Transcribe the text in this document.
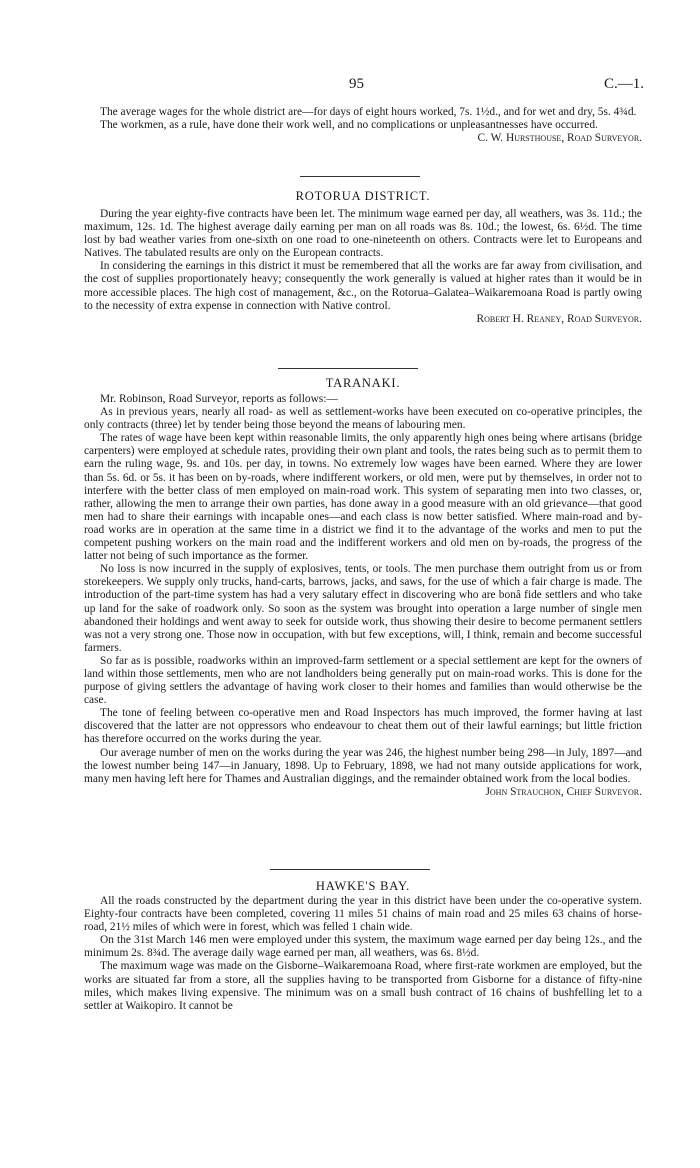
95	C.—1.

The average wages for the whole district are—for days of eight hours worked, 7s. 1½d., and for wet and dry, 5s. 4¾d.

The workmen, as a rule, have done their work well, and no complications or unpleasantnesses have occurred.

C. W. Hursthouse, Road Surveyor.

ROTORUA DISTRICT.

During the year eighty-five contracts have been let. The minimum wage earned per day, all weathers, was 3s. 11d.; the maximum, 12s. 1d. The highest average daily earning per man on all roads was 8s. 10d.; the lowest, 6s. 6½d. The time lost by bad weather varies from one-sixth on one road to one-nineteenth on others. Contracts were let to Europeans and Natives. The tabulated results are only on the European contracts.

In considering the earnings in this district it must be remembered that all the works are far away from civilisation, and the cost of supplies proportionately heavy; consequently the work generally is valued at higher rates than it would be in more accessible places. The high cost of management, &c., on the Rotorua–Galatea–Waikaremoana Road is partly owing to the necessity of extra expense in connection with Native control.

Robert H. Reaney, Road Surveyor.

TARANAKI.

Mr. Robinson, Road Surveyor, reports as follows:—

As in previous years, nearly all road- as well as settlement-works have been executed on co-operative principles, the only contracts (three) let by tender being those beyond the means of labouring men.

The rates of wage have been kept within reasonable limits, the only apparently high ones being where artisans (bridge carpenters) were employed at schedule rates, providing their own plant and tools, the rates being such as to permit them to earn the ruling wage, 9s. and 10s. per day, in towns. No extremely low wages have been earned. Where they are lower than 5s. 6d. or 5s. it has been on by-roads, where indifferent workers, or old men, were put by themselves, in order not to interfere with the better class of men employed on main-road work. This system of separating men into two classes, or, rather, allowing the men to arrange their own parties, has done away in a good measure with an old grievance—that good men had to share their earnings with incapable ones—and each class is now better satisfied. Where main-road and by-road works are in operation at the same time in a district we find it to the advantage of the works and men to put the competent pushing workers on the main road and the indifferent workers and old men on by-roads, the progress of the latter not being of such importance as the former.

No loss is now incurred in the supply of explosives, tents, or tools. The men purchase them outright from us or from storekeepers. We supply only trucks, hand-carts, barrows, jacks, and saws, for the use of which a fair charge is made. The introduction of the part-time system has had a very salutary effect in discovering who are bonâ fide settlers and who take up land for the sake of roadwork only. So soon as the system was brought into operation a large number of single men abandoned their holdings and went away to seek for outside work, thus showing their desire to become permanent settlers was not a very strong one. Those now in occupation, with but few exceptions, will, I think, remain and become successful farmers.

So far as is possible, roadworks within an improved-farm settlement or a special settlement are kept for the owners of land within those settlements, men who are not landholders being generally put on main-road works. This is done for the purpose of giving settlers the advantage of having work closer to their homes and families than would otherwise be the case.

The tone of feeling between co-operative men and Road Inspectors has much improved, the former having at last discovered that the latter are not oppressors who endeavour to cheat them out of their lawful earnings; but little friction has therefore occurred on the works during the year.

Our average number of men on the works during the year was 246, the highest number being 298—in July, 1897—and the lowest number being 147—in January, 1898. Up to February, 1898, we had not many outside applications for work, many men having left here for Thames and Australian diggings, and the remainder obtained work from the local bodies.

John Strauchon, Chief Surveyor.

HAWKE'S BAY.

All the roads constructed by the department during the year in this district have been under the co-operative system. Eighty-four contracts have been completed, covering 11 miles 51 chains of main road and 25 miles 63 chains of horse-road, 21½ miles of which were in forest, which was felled 1 chain wide.

On the 31st March 146 men were employed under this system, the maximum wage earned per day being 12s., and the minimum 2s. 8¾d. The average daily wage earned per man, all weathers, was 6s. 8½d.

The maximum wage was made on the Gisborne–Waikaremoana Road, where first-rate workmen are employed, but the works are situated far from a store, all the supplies having to be transported from Gisborne for a distance of fifty-nine miles, which makes living expensive. The minimum was on a small bush contract of 16 chains of bushfelling let to a settler at Waikopiro. It cannot be
